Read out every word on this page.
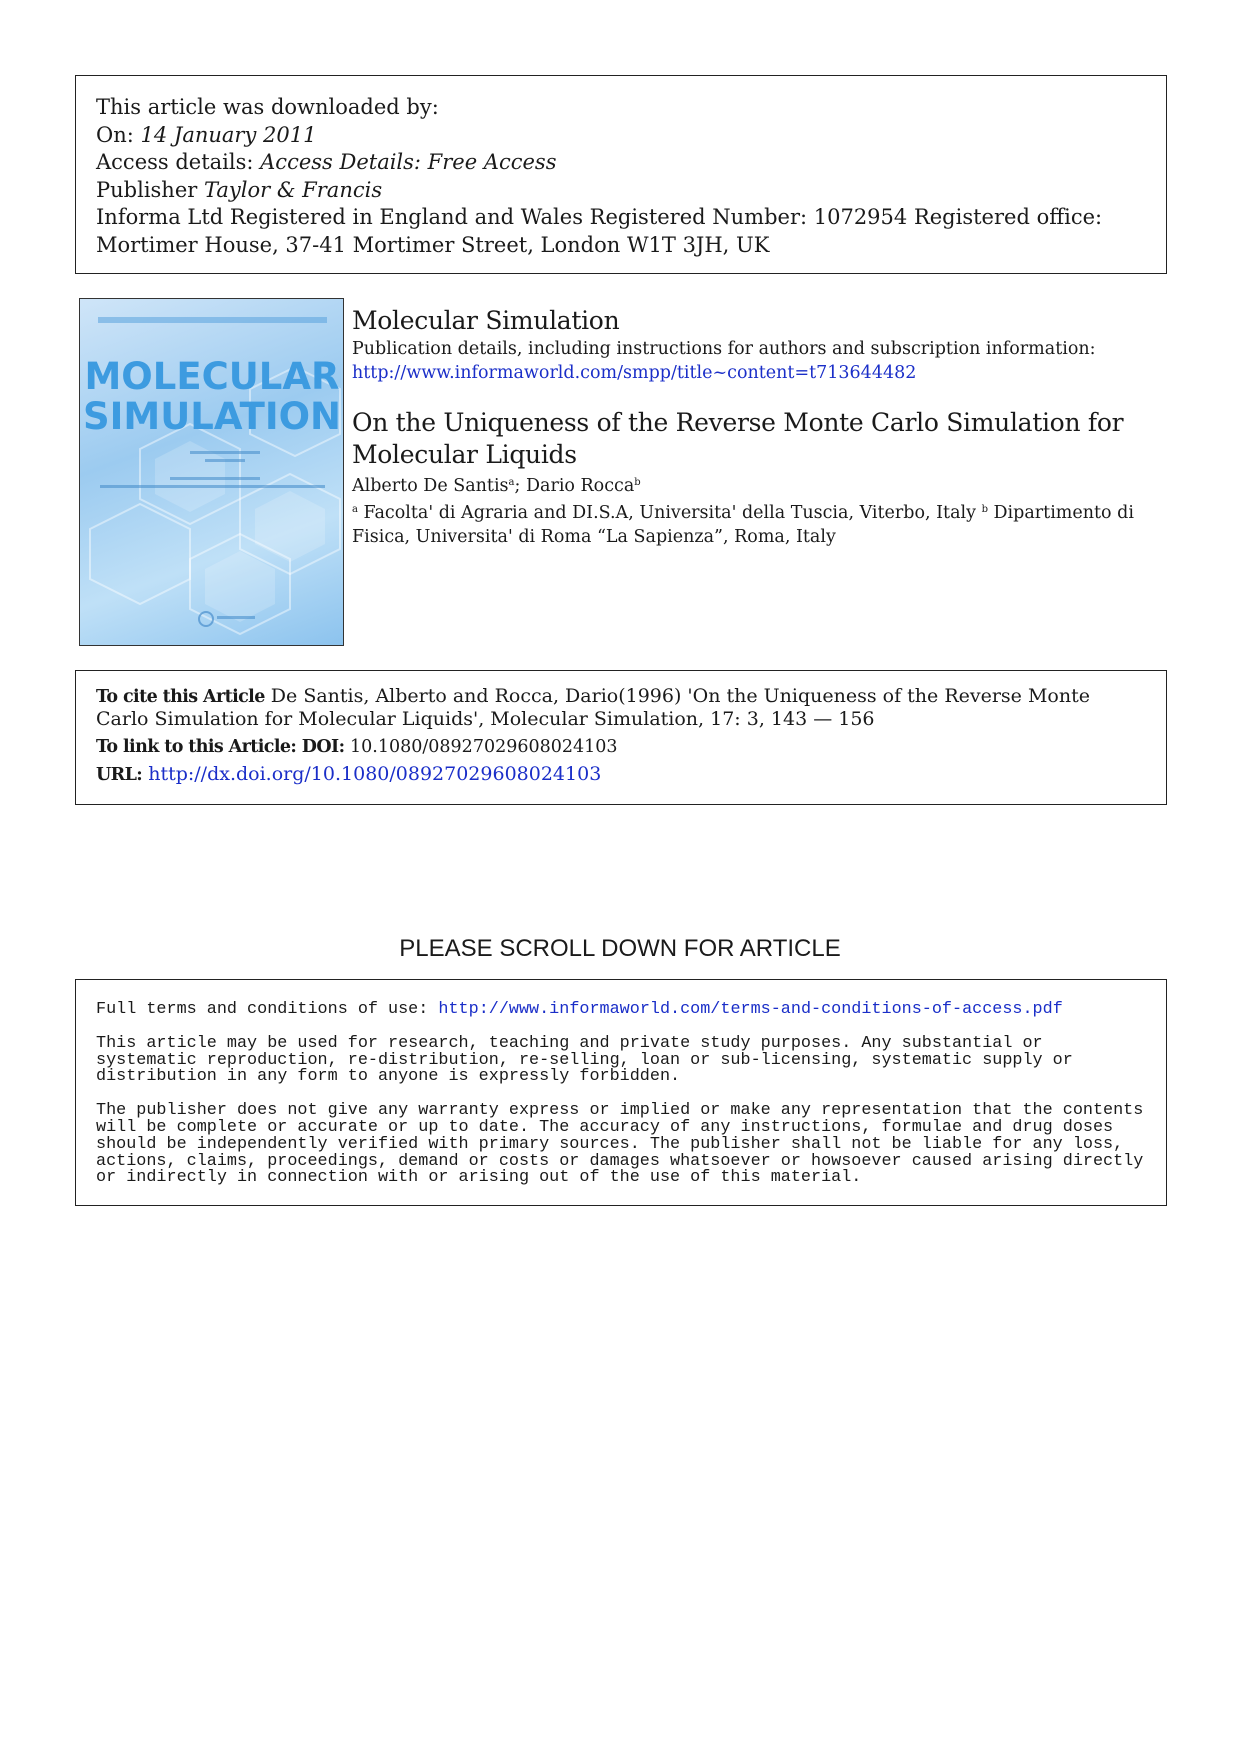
This article was downloaded by:
On: 14 January 2011
Access details: Access Details: Free Access
Publisher Taylor & Francis
Informa Ltd Registered in England and Wales Registered Number: 1072954 Registered office: Mortimer House, 37-41 Mortimer Street, London W1T 3JH, UK
MOLECULAR
SIMULATION
Molecular Simulation
Publication details, including instructions for authors and subscription information:
http://www.informaworld.com/smpp/title~content=t713644482
On the Uniqueness of the Reverse Monte Carlo Simulation for Molecular Liquids
Alberto De Santis$^a$; Dario Rocca$^b$
$^a$ Facolta' di Agraria and DI.S.A, Universita' della Tuscia, Viterbo, Italy $^b$ Dipartimento di Fisica, Universita' di Roma “La Sapienza”, Roma, Italy
To cite this Article De Santis, Alberto and Rocca, Dario(1996) 'On the Uniqueness of the Reverse Monte Carlo Simulation for Molecular Liquids', Molecular Simulation, 17: 3, 143 — 156
To link to this Article: DOI: 10.1080/08927029608024103
URL: http://dx.doi.org/10.1080/08927029608024103
PLEASE SCROLL DOWN FOR ARTICLE

Full terms and conditions of use: http://www.informaworld.com/terms-and-conditions-of-access.pdf

This article may be used for research, teaching and private study purposes. Any substantial or systematic reproduction, re-distribution, re-selling, loan or sub-licensing, systematic supply or distribution in any form to anyone is expressly forbidden.

The publisher does not give any warranty express or implied or make any representation that the contents will be complete or accurate or up to date. The accuracy of any instructions, formulae and drug doses should be independently verified with primary sources. The publisher shall not be liable for any loss, actions, claims, proceedings, demand or costs or damages whatsoever or howsoever caused arising directly or indirectly in connection with or arising out of the use of this material.
